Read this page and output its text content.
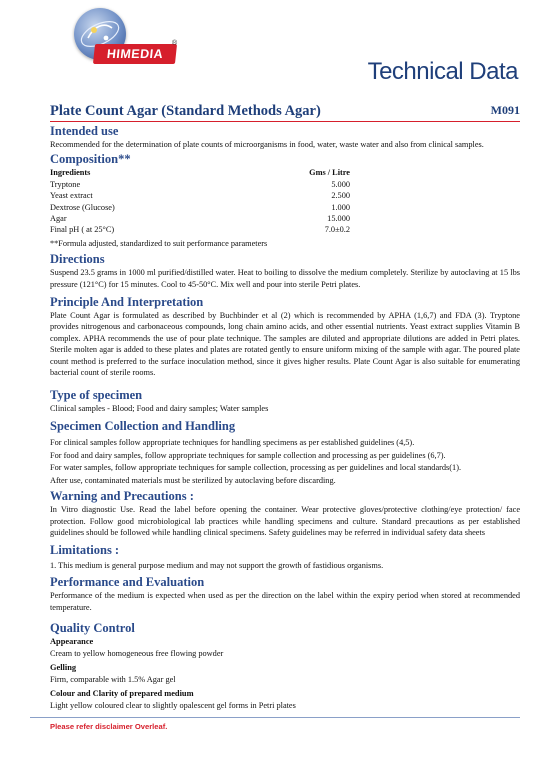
HIMEDIA
®
Technical Data
Plate Count Agar (Standard Methods Agar)	M091
Intended use

Recommended for the determination of plate counts of microorganisms in food, water, waste water and also from clinical samples.

Composition**
Ingredients	Gms / Litre
Tryptone	5.000
Yeast extract	2.500
Dextrose (Glucose)	1.000
Agar	15.000
Final pH ( at 25°C)	7.0±0.2

**Formula adjusted, standardized to suit performance parameters

Directions

Suspend 23.5 grams in 1000 ml purified/distilled water. Heat to boiling to dissolve the medium completely. Sterilize by autoclaving at 15 lbs pressure (121°C) for 15 minutes. Cool to 45-50°C. Mix well and pour into sterile Petri plates.

Principle And Interpretation

Plate Count Agar is formulated as described by Buchbinder et al (2) which is recommended by APHA (1,6,7) and FDA (3). Tryptone provides nitrogenous and carbonaceous compounds, long chain amino acids, and other essential nutrients. Yeast extract supplies Vitamin B complex. APHA recommends the use of pour plate technique. The samples are diluted and appropriate dilutions are added in Petri plates. Sterile molten agar is added to these plates and plates are rotated gently to ensure uniform mixing of the sample with agar. The poured plate count method is preferred to the surface inoculation method, since it gives higher results. Plate Count Agar is also suitable for enumerating bacterial count of sterile rooms.

Type of specimen

Clinical samples - Blood; Food and dairy samples; Water samples

Specimen Collection and Handling

For clinical samples follow appropriate techniques for handling specimens as per established guidelines (4,5).

For food and dairy samples, follow appropriate techniques for sample collection and processing as per guidelines (6,7).

For water samples, follow appropriate techniques for sample collection, processing as per guidelines and local standards(1).

After use, contaminated materials must be sterilized by autoclaving before discarding.

Warning and Precautions :

In Vitro diagnostic Use. Read the label before opening the container. Wear protective gloves/protective clothing/eye protection/ face protection. Follow good microbiological lab practices while handling specimens and culture. Standard precautions as per established guidelines should be followed while handling clinical specimens. Safety guidelines may be referred in individual safety data sheets

Limitations :

1. This medium is general purpose medium and may not support the growth of fastidious organisms.

Performance and Evaluation

Performance of the medium is expected when used as per the direction on the label within the expiry period when stored at recommended temperature.

Quality Control

Appearance

Cream to yellow homogeneous free flowing powder

Gelling

Firm, comparable with 1.5% Agar gel

Colour and Clarity of prepared medium

Light yellow coloured clear to slightly opalescent gel forms in Petri plates

Please refer disclaimer Overleaf.
